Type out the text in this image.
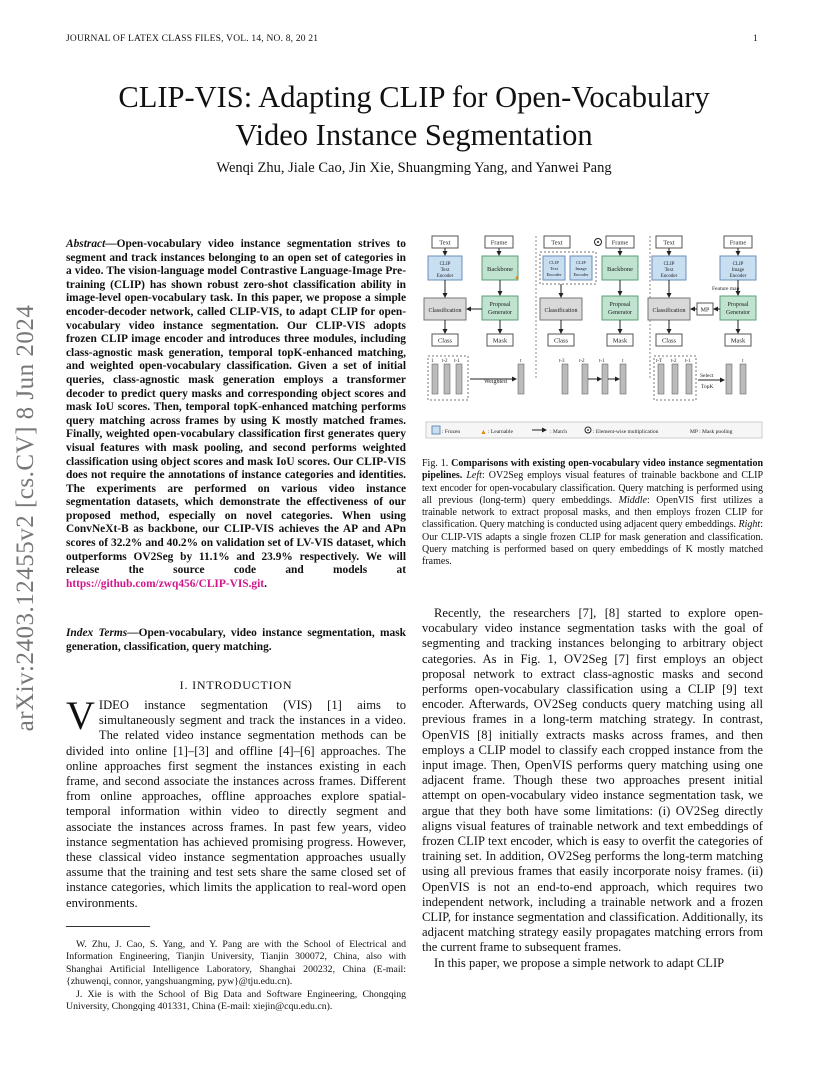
JOURNAL OF LATEX CLASS FILES, VOL. 14, NO. 8, 20 21	1
CLIP-VIS: Adapting CLIP for Open-Vocabulary
Video Instance Segmentation
Wenqi Zhu, Jiale Cao, Jin Xie, Shuangming Yang, and Yanwei Pang
arXiv:2403.12455v2 [cs.CV] 8 Jun 2024
Abstract—Open-vocabulary video instance segmentation strives to segment and track instances belonging to an open set of categories in a video. The vision-language model Contrastive Language-Image Pre-training (CLIP) has shown robust zero-shot classification ability in image-level open-vocabulary task. In this paper, we propose a simple encoder-decoder network, called CLIP-VIS, to adapt CLIP for open-vocabulary video instance segmentation. Our CLIP-VIS adopts frozen CLIP image encoder and introduces three modules, including class-agnostic mask generation, temporal topK-enhanced matching, and weighted open-vocabulary classification. Given a set of initial queries, class-agnostic mask generation employs a transformer decoder to predict query masks and corresponding object scores and mask IoU scores. Then, temporal topK-enhanced matching performs query matching across frames by using K mostly matched frames. Finally, weighted open-vocabulary classification first generates query visual features with mask pooling, and second performs weighted classification using object scores and mask IoU scores. Our CLIP-VIS does not require the annotations of instance categories and identities. The experiments are performed on various video instance segmentation datasets, which demonstrate the effectiveness of our proposed method, especially on novel categories. When using ConvNeXt-B as backbone, our CLIP-VIS achieves the AP and APn scores of 32.2% and 40.2% on validation set of LV-VIS dataset, which outperforms OV2Seg by 11.1% and 23.9% respectively. We will release the source code and models at https://github.com/zwq456/CLIP-VIS.git.
Index Terms—Open-vocabulary, video instance segmentation, mask generation, classification, query matching.
I. INTRODUCTION
VIDEO instance segmentation (VIS) [1] aims to simultaneously segment and track the instances in a video. The related video instance segmentation methods can be divided into online [1]–[3] and offline [4]–[6] approaches. The online approaches first segment the instances existing in each frame, and second associate the instances across frames. Different from online approaches, offline approaches explore spatial-temporal information within video to directly segment and associate the instances across frames. In past few years, video instance segmentation has achieved promising progress. However, these classical video instance segmentation approaches usually assume that the training and test sets share the same closed set of instance categories, which limits the application to real-word open environments.

W. Zhu, J. Cao, S. Yang, and Y. Pang are with the School of Electrical and Information Engineering, Tianjin University, Tianjin 300072, China, also with Shanghai Artificial Intelligence Laboratory, Shanghai 200232, China (E-mail: {zhuwenqi, connor, yangshuangming, pyw}@tju.edu.cn).

J. Xie is with the School of Big Data and Software Engineering, Chongqing University, Chongqing 401331, China (E-mail: xiejin@cqu.edu.cn).

Text	Frame
CLIP
Text
Encoder
Backbone
▲
Classification
Proposal
Generator
Class	Mask
Text	Frame
CLIP
Text
Encoder
CLIP
Image
Encoder
Backbone
Classification
Proposal
Generator
Class	Mask
Text	Frame
CLIP
Text
Encoder
CLIP
Image
Encoder
Feature map
Classification	MP
Proposal
Generator
Class	Mask
1 t-2 t-1
Weighted
t	t-3	t-2	t-1	t	t-T t-2 t-1	t
Select
TopK
: Frozen	▲ : Learnable	: Match	: Element-wise multiplication	MP : Mask pooling
Fig. 1. Comparisons with existing open-vocabulary video instance segmentation pipelines. Left: OV2Seg employs visual features of trainable backbone and CLIP text encoder for open-vocabulary classification. Query matching is performed using all previous (long-term) query embeddings. Middle: OpenVIS first utilizes a trainable network to extract proposal masks, and then employs frozen CLIP for classification. Query matching is conducted using adjacent query embeddings. Right: Our CLIP-VIS adapts a single frozen CLIP for mask generation and classification. Query matching is performed based on query embeddings of K mostly matched frames.

Recently, the researchers [7], [8] started to explore open-vocabulary video instance segmentation tasks with the goal of segmenting and tracking instances belonging to arbitrary object categories. As in Fig. 1, OV2Seg [7] first employs an object proposal network to extract class-agnostic masks and second performs open-vocabulary classification using a CLIP [9] text encoder. Afterwards, OV2Seg conducts query matching using all previous frames in a long-term matching strategy. In contrast, OpenVIS [8] initially extracts masks across frames, and then employs a CLIP model to classify each cropped instance from the input image. Then, OpenVIS performs query matching using one adjacent frame. Though these two approaches present initial attempt on open-vocabulary video instance segmentation task, we argue that they both have some limitations: (i) OV2Seg directly aligns visual features of trainable network and text embeddings of frozen CLIP text encoder, which is easy to overfit the categories of training set. In addition, OV2Seg performs the long-term matching using all previous frames that easily incorporate noisy frames. (ii) OpenVIS is not an end-to-end approach, which requires two independent network, including a trainable network and a frozen CLIP, for instance segmentation and classification. Additionally, its adjacent matching strategy easily propagates matching errors from the current frame to subsequent frames.

In this paper, we propose a simple network to adapt CLIP
